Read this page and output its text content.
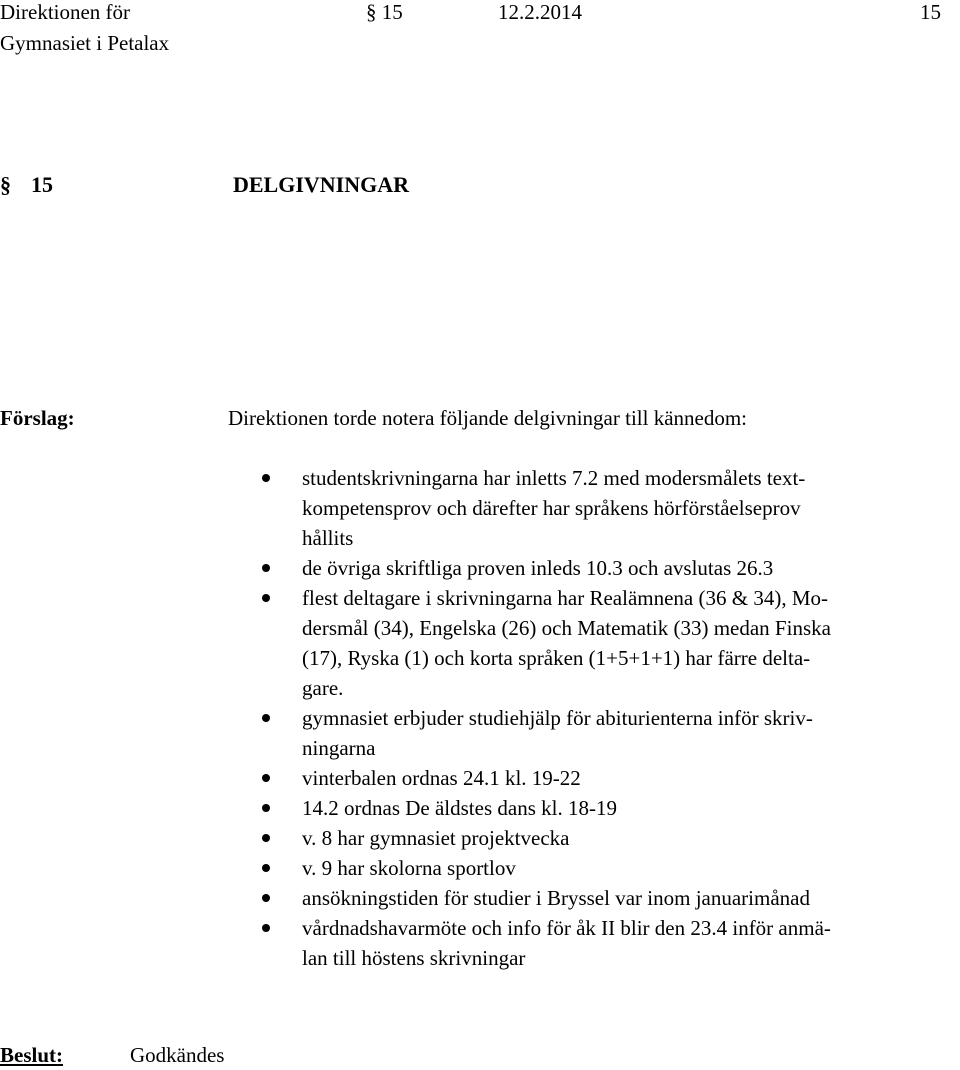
Direktionen för
Gymnasiet i Petalax
§ 15	12.2.2014	15
§ 15	DELGIVNINGAR
Förslag:	Direktionen torde notera följande delgivningar till kännedom:
studentskrivningarna har inletts 7.2 med modersmålets text-
kompetensprov och därefter har språkens hörförståelseprov
hållits
de övriga skriftliga proven inleds 10.3 och avslutas 26.3
flest deltagare i skrivningarna har Realämnena (36 & 34), Mo-
dersmål (34), Engelska (26) och Matematik (33) medan Finska
(17), Ryska (1) och korta språken (1+5+1+1) har färre delta-
gare.
gymnasiet erbjuder studiehjälp för abiturienterna inför skriv-
ningarna
vinterbalen ordnas 24.1 kl. 19-22
14.2 ordnas De äldstes dans kl. 18-19
v. 8 har gymnasiet projektvecka
v. 9 har skolorna sportlov
ansökningstiden för studier i Bryssel var inom januarimånad
vårdnadshavarmöte och info för åk II blir den 23.4 inför anmä-
lan till höstens skrivningar
Beslut:	Godkändes
